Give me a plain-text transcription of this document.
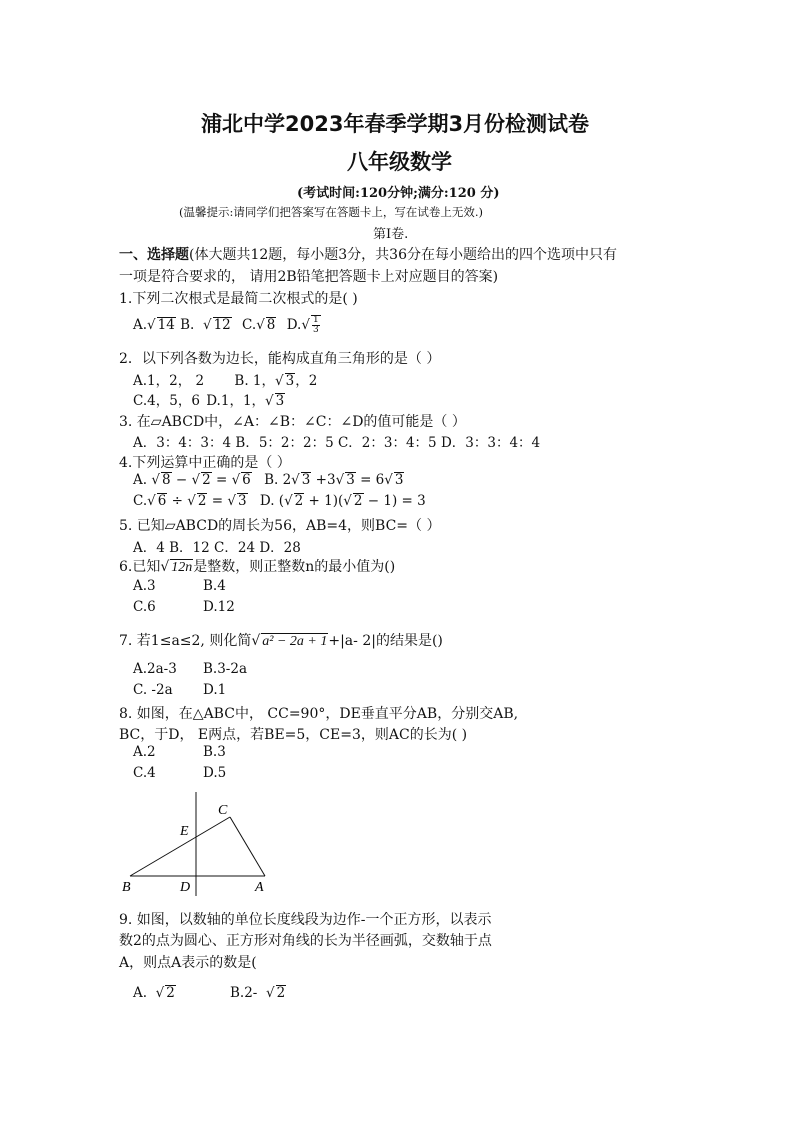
浦北中学2023年春季学期3月份检测试卷
八年级数学
(考试时间:120分钟;满分:120 分)
(温馨提示:请同学们把答案写在答题卡上，写在试卷上无效.)
第Ⅰ卷.
一、选择题(体大题共12题，每小题3分，共36分在每小题给出的四个选项中只有
一项是符合要求的， 请用2B铅笔把答题卡上对应题目的答案)
1.下列二次根式是最简二次根式的是( )
A.√ 14 B. √ 12 C.√ 8 $D.√ \frac{1}{3}$
2．以下列各数为边长，能构成直角三角形的是（ ）
A.1，2， 2 B. 1，√ 3，2
C.4，5，6 D.1，1，√ 3
3. 在▱ABCD中，∠A：∠B：∠C：∠D的值可能是（ ）
A．3：4：3：4 B．5：2：2：5 C．2：3：4：5 D．3：3：4：4
4.下列运算中正确的是（ ）
A. √ 8 − √ 2 = √ 6 B. 2√ 3 +3√ 3 = 6√ 3
C.√ 6 ÷ √ 2 = √ 3 D. (√ 2 + 1)(√ 2 − 1) = 3
5. 已知▱ABCD的周长为56，AB=4，则BC=（ ）
A．4 B．12 C．24 D．28
6.已知√ 12n是整数，则正整数n的最小值为()
A.3	B.4
C.6	D.12
7. 若1≤a≤2, 则化简√ a² − 2a + 1+|a- 2|的结果是()
A.2a-3 B.3-2a
C. -2a D.1
8. 如图，在△ABC中， CC=90°，DE垂直平分AB，分别交AB,
BC，于D， E两点，若BE=5，CE=3，则AC的长为( )
A.2	B.3
C.4	D.5
B	D	A
E
C
9. 如图，以数轴的单位长度线段为边作-一个正方形，以表示
数2的点为圆心、正方形对角线的长为半径画弧，交数轴于点
A，则点A表示的数是(
A. √ 2	B.2- √ 2
